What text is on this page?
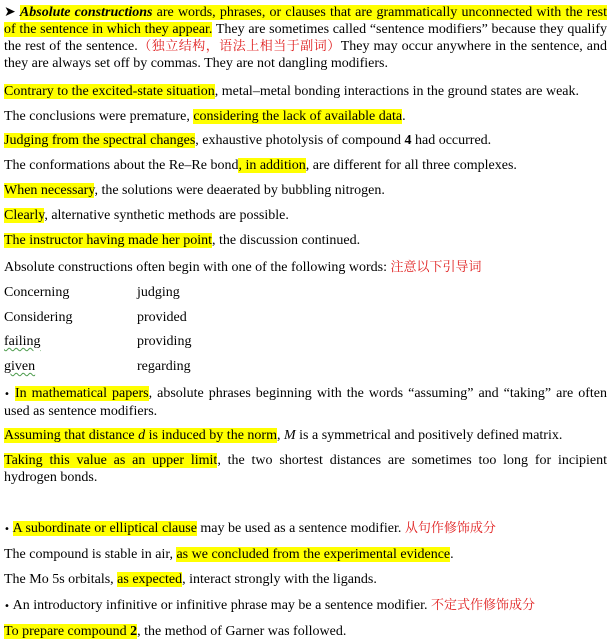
➤ Absolute constructions are words, phrases, or clauses that are grammatically unconnected with the rest of the sentence in which they appear. They are sometimes called “sentence modifiers” because they qualify the rest of the sentence.（独立结构，语法上相当于副词）They may occur anywhere in the sentence, and they are always set off by commas. They are not dangling modifiers.
Contrary to the excited-state situation, metal–metal bonding interactions in the ground states are weak.
The conclusions were premature, considering the lack of available data.
Judging from the spectral changes, exhaustive photolysis of compound 4 had occurred.
The conformations about the Re–Re bond, in addition, are different for all three complexes.
When necessary, the solutions were deaerated by bubbling nitrogen.
Clearly, alternative synthetic methods are possible.
The instructor having made her point, the discussion continued.
Absolute constructions often begin with one of the following words: 注意以下引导词
Concerning	judging
Considering	provided
failing	providing
given	regarding
• In mathematical papers, absolute phrases beginning with the words “assuming” and “taking” are often used as sentence modifiers.
Assuming that distance d is induced by the norm, M is a symmetrical and positively defined matrix.
Taking this value as an upper limit, the two shortest distances are sometimes too long for incipient hydrogen bonds.
• A subordinate or elliptical clause may be used as a sentence modifier. 从句作修饰成分
The compound is stable in air, as we concluded from the experimental evidence.
The Mo 5s orbitals, as expected, interact strongly with the ligands.
• An introductory infinitive or infinitive phrase may be a sentence modifier. 不定式作修饰成分
To prepare compound 2, the method of Garner was followed.
